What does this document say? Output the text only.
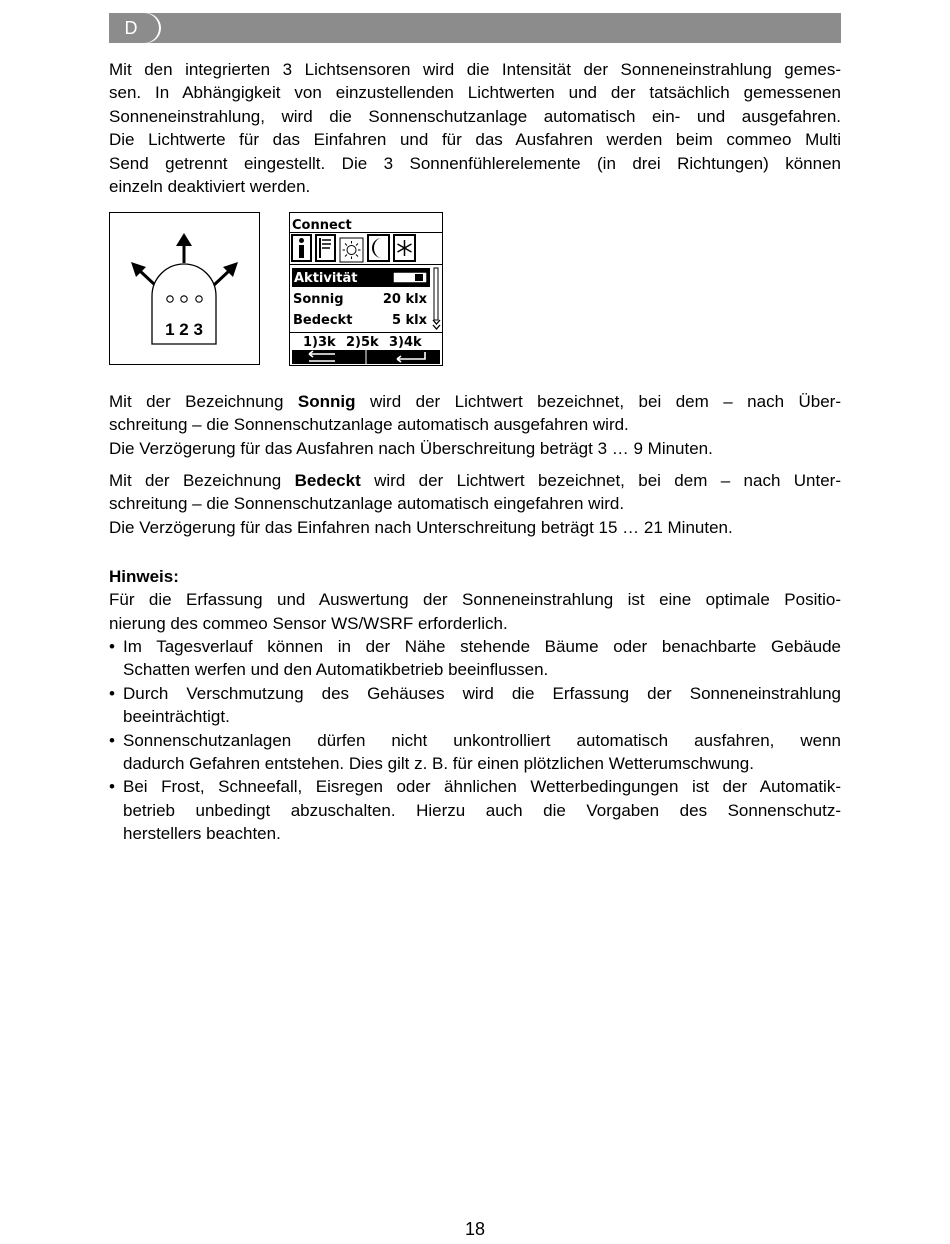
D

Mit den integrierten 3 Lichtsensoren wird die Intensität der Sonneneinstrahlung gemes-

sen. In Abhängigkeit von einzustellenden Lichtwerten und der tatsächlich gemessenen

Sonneneinstrahlung, wird die Sonnenschutzanlage automatisch ein- und ausgefahren.

Die Lichtwerte für das Einfahren und für das Ausfahren werden beim commeo Multi

Send getrennt eingestellt. Die 3 Sonnenfühlerelemente (in drei Richtungen) können

einzeln deaktiviert werden.

1 2 3
Connect
Aktivität
Sonnig	20 klx
Bedeckt	5 klx
1)3k 2)5k 3)4k

Mit der Bezeichnung Sonnig wird der Lichtwert bezeichnet, bei dem – nach Über-

schreitung – die Sonnenschutzanlage automatisch ausgefahren wird.

Die Verzögerung für das Ausfahren nach Überschreitung beträgt 3 … 9 Minuten.

Mit der Bezeichnung Bedeckt wird der Lichtwert bezeichnet, bei dem – nach Unter-

schreitung – die Sonnenschutzanlage automatisch eingefahren wird.

Die Verzögerung für das Einfahren nach Unterschreitung beträgt 15 … 21 Minuten.

Hinweis:

Für die Erfassung und Auswertung der Sonneneinstrahlung ist eine optimale Positio-

nierung des commeo Sensor WS/WSRF erforderlich.

• Im Tagesverlauf können in der Nähe stehende Bäume oder benachbarte Gebäude

Schatten werfen und den Automatikbetrieb beeinflussen.

• Durch Verschmutzung des Gehäuses wird die Erfassung der Sonneneinstrahlung

beeinträchtigt.

• Sonnenschutzanlagen dürfen nicht unkontrolliert automatisch ausfahren, wenn

dadurch Gefahren entstehen. Dies gilt z. B. für einen plötzlichen Wetterumschwung.

• Bei Frost, Schneefall, Eisregen oder ähnlichen Wetterbedingungen ist der Automatik-

betrieb unbedingt abzuschalten. Hierzu auch die Vorgaben des Sonnenschutz-

herstellers beachten.

18
